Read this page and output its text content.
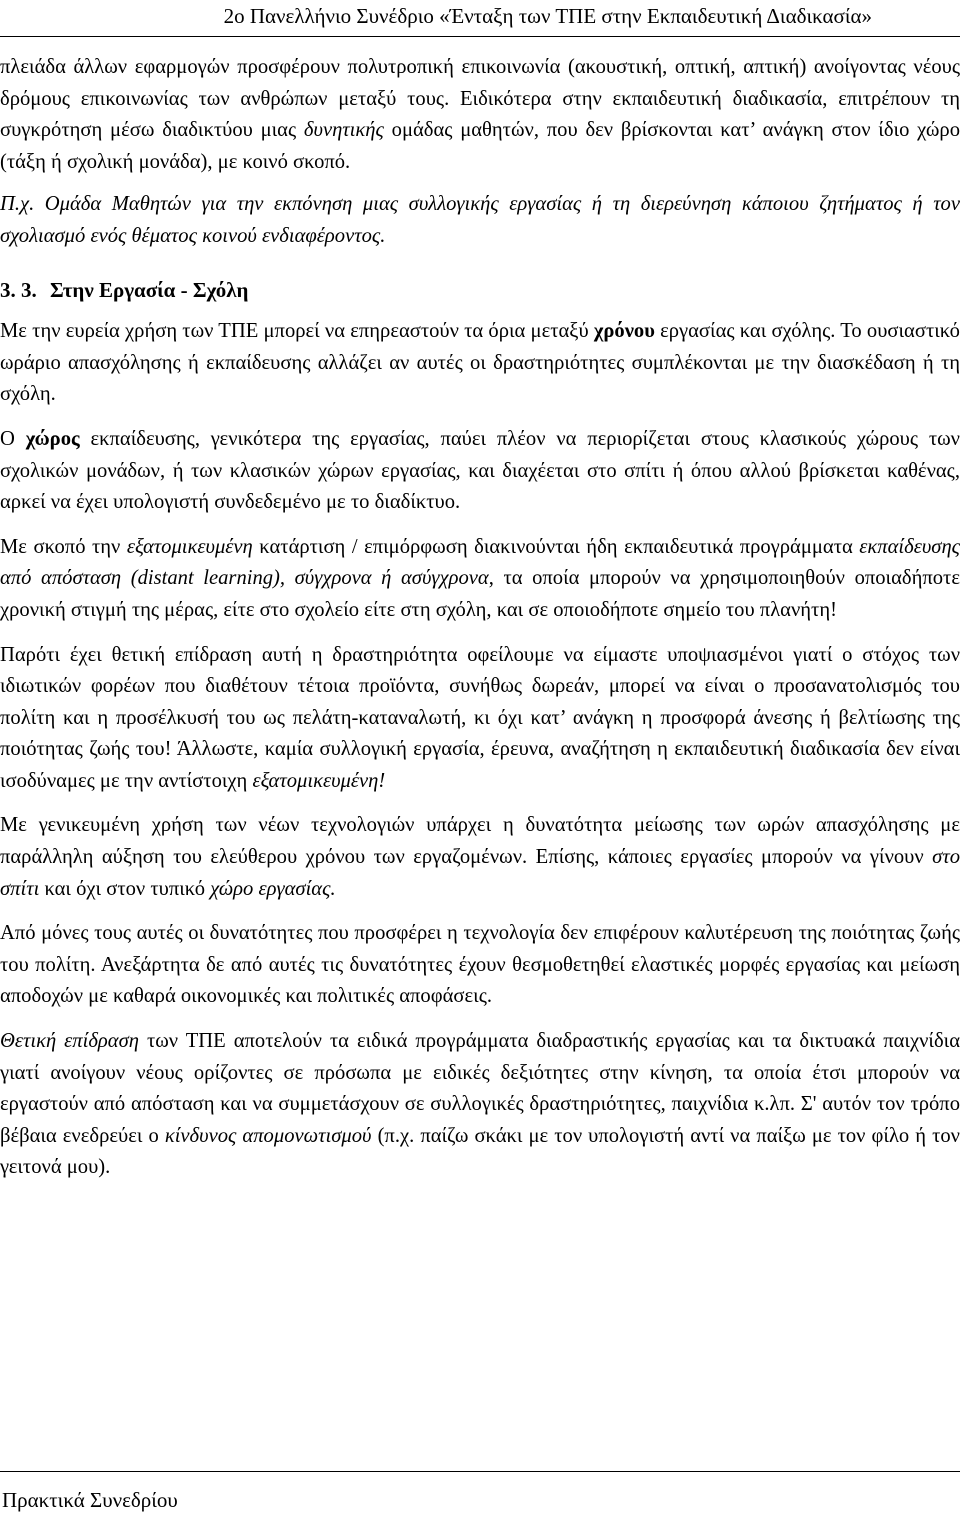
2ο Πανελλήνιο Συνέδριο «Ένταξη των ΤΠΕ στην Εκπαιδευτική Διαδικασία»

πλειάδα άλλων εφαρμογών προσφέρουν πολυτροπική επικοινωνία (ακουστική, οπτική, απτική) ανοίγοντας νέους δρόμους επικοινωνίας των ανθρώπων μεταξύ τους. Ειδικότερα στην εκπαιδευτική διαδικασία, επιτρέπουν τη συγκρότηση μέσω διαδικτύου μιας δυνητικής ομάδας μαθητών, που δεν βρίσκονται κατ’ ανάγκη στον ίδιο χώρο (τάξη ή σχολική μονάδα), με κοινό σκοπό.

Π.χ. Ομάδα Μαθητών για την εκπόνηση μιας συλλογικής εργασίας ή τη διερεύνηση κάποιου ζητήματος ή τον σχολιασμό ενός θέματος κοινού ενδιαφέροντος.

3. 3. Στην Εργασία - Σχόλη

Με την ευρεία χρήση των ΤΠΕ μπορεί να επηρεαστούν τα όρια μεταξύ χρόνου εργασίας και σχόλης. Το ουσιαστικό ωράριο απασχόλησης ή εκπαίδευσης αλλάζει αν αυτές οι δραστηριότητες συμπλέκονται με την διασκέδαση ή τη σχόλη.

Ο χώρος εκπαίδευσης, γενικότερα της εργασίας, παύει πλέον να περιορίζεται στους κλασικούς χώρους των σχολικών μονάδων, ή των κλασικών χώρων εργασίας, και διαχέεται στο σπίτι ή όπου αλλού βρίσκεται καθένας, αρκεί να έχει υπολογιστή συνδεδεμένο με το διαδίκτυο.

Με σκοπό την εξατομικευμένη κατάρτιση / επιμόρφωση διακινούνται ήδη εκπαιδευτικά προγράμματα εκπαίδευσης από απόσταση (distant learning), σύγχρονα ή ασύγχρονα, τα οποία μπορούν να χρησιμοποιηθούν οποιαδήποτε χρονική στιγμή της μέρας, είτε στο σχολείο είτε στη σχόλη, και σε οποιοδήποτε σημείο του πλανήτη!

Παρότι έχει θετική επίδραση αυτή η δραστηριότητα οφείλουμε να είμαστε υποψιασμένοι γιατί ο στόχος των ιδιωτικών φορέων που διαθέτουν τέτοια προϊόντα, συνήθως δωρεάν, μπορεί να είναι ο προσανατολισμός του πολίτη και η προσέλκυσή του ως πελάτη-καταναλωτή, κι όχι κατ’ ανάγκη η προσφορά άνεσης ή βελτίωσης της ποιότητας ζωής του! Άλλωστε, καμία συλλογική εργασία, έρευνα, αναζήτηση η εκπαιδευτική διαδικασία δεν είναι ισοδύναμες με την αντίστοιχη εξατομικευμένη!

Με γενικευμένη χρήση των νέων τεχνολογιών υπάρχει η δυνατότητα μείωσης των ωρών απασχόλησης με παράλληλη αύξηση του ελεύθερου χρόνου των εργαζομένων. Επίσης, κάποιες εργασίες μπορούν να γίνουν στο σπίτι και όχι στον τυπικό χώρο εργασίας.

Από μόνες τους αυτές οι δυνατότητες που προσφέρει η τεχνολογία δεν επιφέρουν καλυτέρευση της ποιότητας ζωής του πολίτη. Ανεξάρτητα δε από αυτές τις δυνατότητες έχουν θεσμοθετηθεί ελαστικές μορφές εργασίας και μείωση αποδοχών με καθαρά οικονομικές και πολιτικές αποφάσεις.

Θετική επίδραση των ΤΠΕ αποτελούν τα ειδικά προγράμματα διαδραστικής εργασίας και τα δικτυακά παιχνίδια γιατί ανοίγουν νέους ορίζοντες σε πρόσωπα με ειδικές δεξιότητες στην κίνηση, τα οποία έτσι μπορούν να εργαστούν από απόσταση και να συμμετάσχουν σε συλλογικές δραστηριότητες, παιχνίδια κ.λπ. Σ' αυτόν τον τρόπο βέβαια ενεδρεύει ο κίνδυνος απομονωτισμού (π.χ. παίζω σκάκι με τον υπολογιστή αντί να παίξω με τον φίλο ή τον γειτονά μου).

Πρακτικά Συνεδρίου
